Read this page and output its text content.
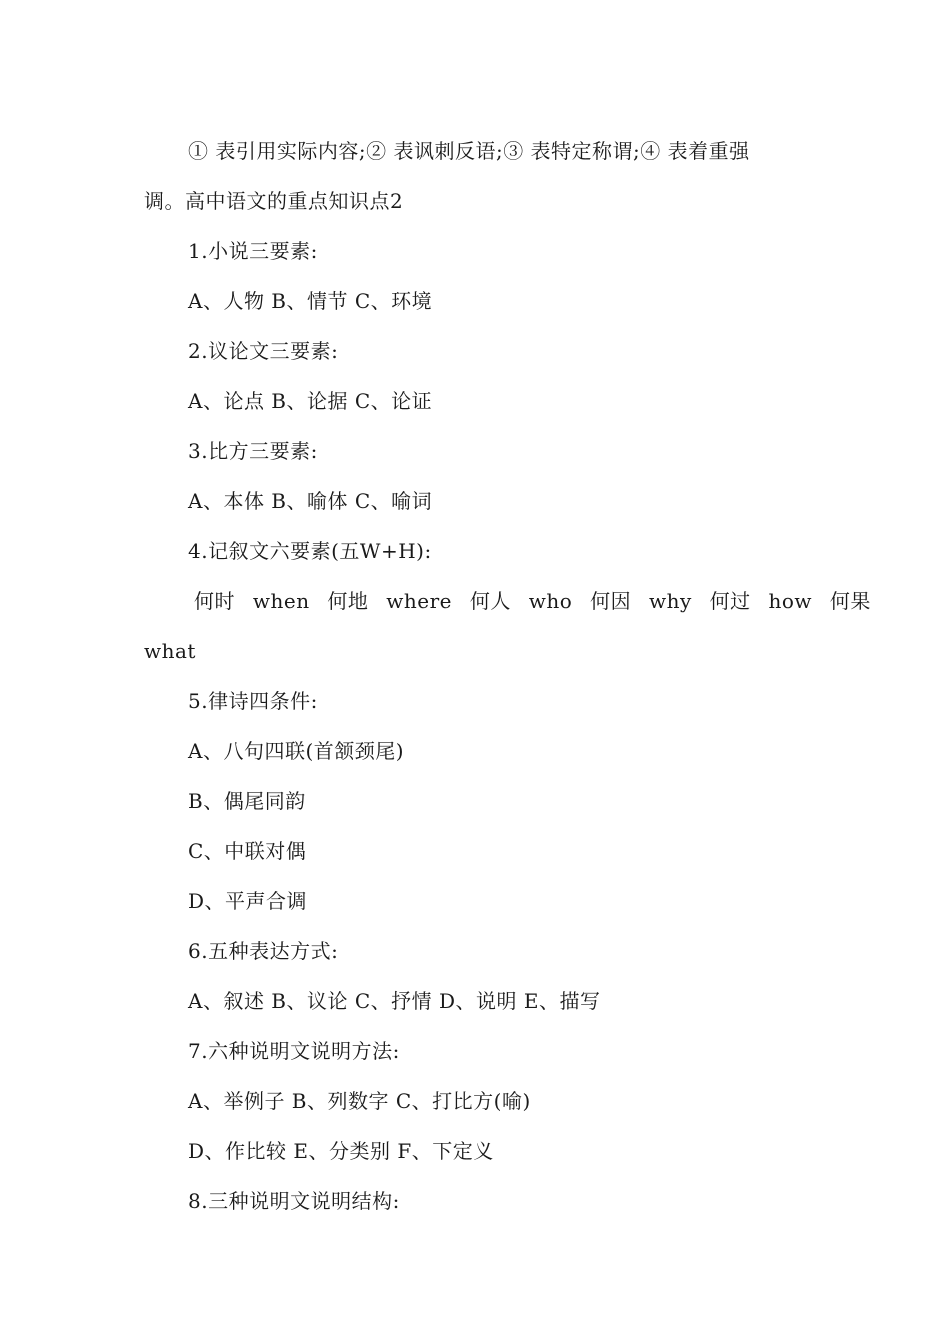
① 表引用实际内容;② 表讽刺反语;③ 表特定称谓;④ 表着重强
调。高中语文的重点知识点2
1.小说三要素:
A、人物 B、情节 C、环境
2.议论文三要素:
A、论点 B、论据 C、论证
3.比方三要素:
A、本体 B、喻体 C、喻词
4.记叙文六要素(五W+H):
何时 when 何地 where 何人 who 何因 why 何过 how 何果
what
5.律诗四条件:
A、八句四联(首颔颈尾)
B、偶尾同韵
C、中联对偶
D、平声合调
6.五种表达方式:
A、叙述 B、议论 C、抒情 D、说明 E、描写
7.六种说明文说明方法:
A、举例子 B、列数字 C、打比方(喻)
D、作比较 E、分类别 F、下定义
8.三种说明文说明结构:
